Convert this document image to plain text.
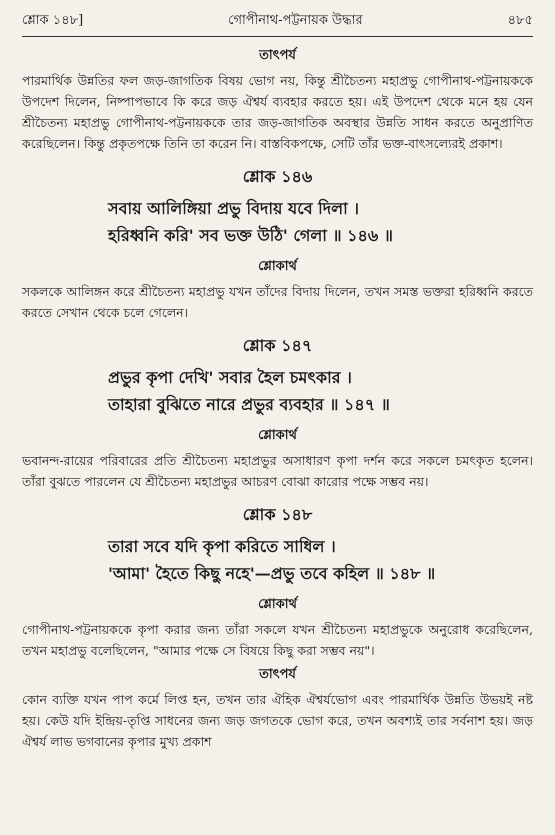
শ্লোক ১৪৮]	গোপীনাথ-পট্টনায়ক উদ্ধার	৪৮৫
তাৎপর্য
পারমার্থিক উন্নতির ফল জড়-জাগতিক বিষয় ভোগ নয়, কিন্তু শ্রীচৈতন্য মহাপ্রভু গোপীনাথ-পট্টনায়ককে উপদেশ দিলেন, নিষ্পাপভাবে কি করে জড় ঐশ্বর্য ব্যবহার করতে হয়। এই উপদেশ থেকে মনে হয় যেন শ্রীচৈতন্য মহাপ্রভু গোপীনাথ-পট্টনায়ককে তার জড়-জাগতিক অবস্থার উন্নতি সাধন করতে অনুপ্রাণিত করেছিলেন। কিন্তু প্রকৃতপক্ষে তিনি তা করেন নি। বাস্তবিকপক্ষে, সেটি তাঁর ভক্ত-বাৎসল্যেরই প্রকাশ।
শ্লোক ১৪৬
সবায় আলিঙ্গিয়া প্রভু বিদায় যবে দিলা ।
হরিধ্বনি করি' সব ভক্ত উঠি' গেলা ॥ ১৪৬ ॥
শ্লোকার্থ
সকলকে আলিঙ্গন করে শ্রীচৈতন্য মহাপ্রভু যখন তাঁদের বিদায় দিলেন, তখন সমস্ত ভক্তরা হরিধ্বনি করতে করতে সেখান থেকে চলে গেলেন।
শ্লোক ১৪৭
প্রভুর কৃপা দেখি' সবার হৈল চমৎকার ।
তাহারা বুঝিতে নারে প্রভুর ব্যবহার ॥ ১৪৭ ॥
শ্লোকার্থ
ভবানন্দ-রায়ের পরিবারের প্রতি শ্রীচৈতন্য মহাপ্রভুর অসাধারণ কৃপা দর্শন করে সকলে চমৎকৃত হলেন। তাঁরা বুঝতে পারলেন যে শ্রীচৈতন্য মহাপ্রভুর আচরণ বোঝা কারোর পক্ষে সম্ভব নয়।
শ্লোক ১৪৮
তারা সবে যদি কৃপা করিতে সাধিল ।
'আমা' হৈতে কিছু নহে'—প্রভু তবে কহিল ॥ ১৪৮ ॥
শ্লোকার্থ
গোপীনাথ-পট্টনায়ককে কৃপা করার জন্য তাঁরা সকলে যখন শ্রীচৈতন্য মহাপ্রভুকে অনুরোধ করেছিলেন, তখন মহাপ্রভু বলেছিলেন, "আমার পক্ষে সে বিষয়ে কিছু করা সম্ভব নয়"।
তাৎপর্য
কোন ব্যক্তি যখন পাপ কর্মে লিপ্ত হন, তখন তার ঐহিক ঐশ্বর্যভোগ এবং পারমার্থিক উন্নতি উভয়ই নষ্ট হয়। কেউ যদি ইন্দ্রিয়-তৃপ্তি সাধনের জন্য জড় জগতকে ভোগ করে, তখন অবশ্যই তার সর্বনাশ হয়। জড় ঐশ্বর্য লাভ ভগবানের কৃপার মুখ্য প্রকাশ
